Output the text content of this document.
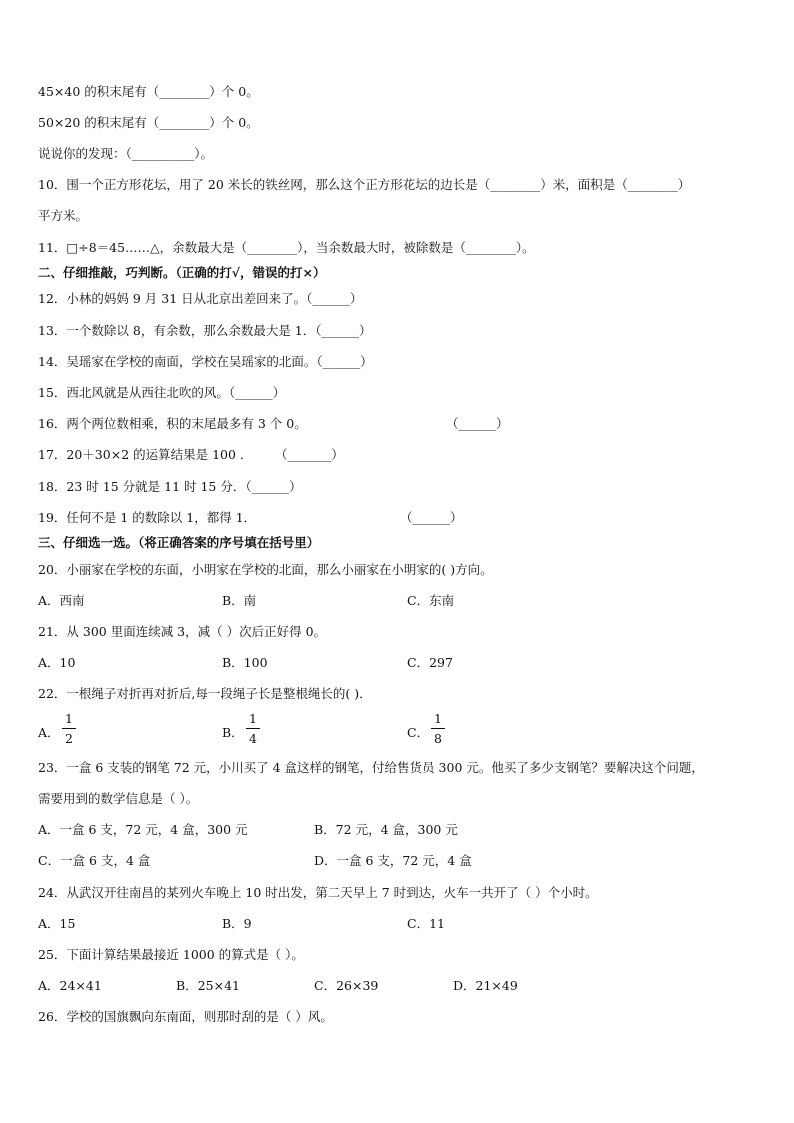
45×40 的积末尾有（________）个 0。
50×20 的积末尾有（________）个 0。
说说你的发现：（__________）。
10．围一个正方形花坛，用了 20 米长的铁丝网，那么这个正方形花坛的边长是（________）米，面积是（________）
平方米。
11．□÷8＝45……△，余数最大是（________），当余数最大时，被除数是（________）。
二、仔细推敲，巧判断。（正确的打√，错误的打×）
12．小林的妈妈 9 月 31 日从北京出差回来了。（______）
13．一个数除以 8，有余数，那么余数最大是 1．（______）
14．吴瑶家在学校的南面，学校在吴瑶家的北面。（______）
15．西北风就是从西往北吹的风。（______）
16．两个两位数相乘，积的末尾最多有 3 个 0。	（______）
17．20＋30×2 的运算结果是 100 ． （_______）
18．23 时 15 分就是 11 时 15 分．（______）
19．任何不是 1 的数除以 1，都得 1．	（______）
三、仔细选一选。（将正确答案的序号填在括号里）
20．小丽家在学校的东面，小明家在学校的北面，那么小丽家在小明家的( )方向。
A．西南	B．南	C．东南
21．从 300 里面连续减 3，减（ ）次后正好得 0。
A．10	B．100	C．297
22．一根绳子对折再对折后,每一段绳子长是整根绳长的( )．
A．
1
2	B．
1
4	C．
1
8
23．一盒 6 支装的钢笔 72 元，小川买了 4 盒这样的钢笔，付给售货员 300 元。他买了多少支钢笔？要解决这个问题，
需要用到的数学信息是（ ）。
A．一盒 6 支，72 元，4 盒，300 元	B．72 元，4 盒，300 元
C．一盒 6 支，4 盒	D．一盒 6 支，72 元，4 盒
24．从武汉开往南昌的某列火车晚上 10 时出发，第二天早上 7 时到达，火车一共开了（ ）个小时。
A．15	B．9	C．11
25．下面计算结果最接近 1000 的算式是（ ）。
A．24×41	B．25×41	C．26×39	D．21×49
26．学校的国旗飘向东南面，则那时刮的是（ ）风。
